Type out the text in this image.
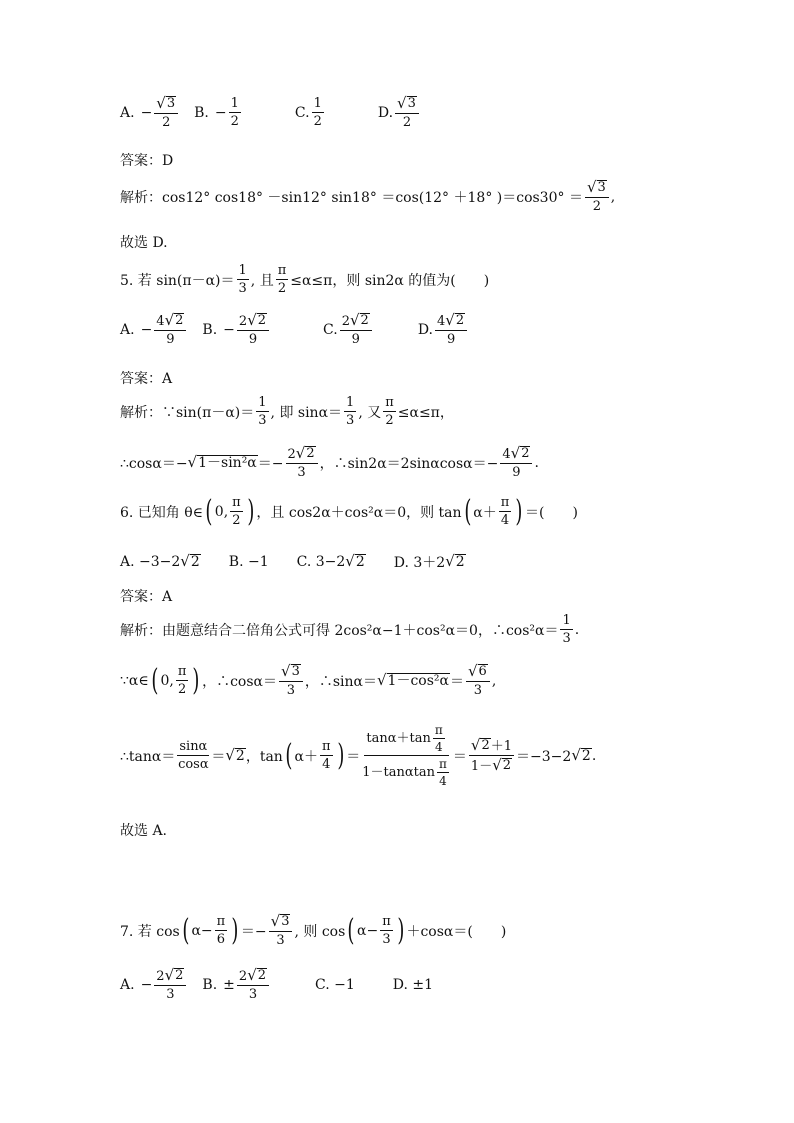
A. − $\frac{√ 3}{2} B$. − $\frac{1}{2}$	C. $\frac{1}{2}$	D. $\frac{√ 3}{2}$
答案：D
解析：cos12° cos18° －sin12° sin18° ＝cos(12° ＋18° )$=\cos 30^\circ = \frac{√ 3}{2}$ ,
故选 D.
5. 若 $\sin(\pi-\alpha)= \frac{1}{3}$ , 且 $\frac{\pi}{2} \le\alpha\le\pi$，则 sin2α 的值为(　　)
A. − $\frac{4 √ 2}{9} B$. − $\frac{2 √ 2}{9}$	C. $\frac{2 √ 2}{9}$	D. $\frac{4 √ 2}{9}$
答案：A
解析：∵sin(π－α)＝ $\frac{1}{3}$ , 即 $\sin\alpha= \frac{1}{3}$ , 又 $\frac{\pi}{2} \le\alpha\le\pi$，
∴cosα＝− √ $1-\sin^2\alpha =- \frac{2 √ 2}{3}$ ，∴sin2α＝2sinαcosα＝− $\frac{4 √ 2}{9}$ .
6. 已知角 θ∈ ( 0, $\frac{\pi}{2}$ ) ，且 cos2α＋cos²α＝0，则 tan ( $\alpha+ \frac{\pi}{4}$ ) ＝(　　)
A. −3−2 √ 2 B. −1 C. 3−2 √ 2 D. 3＋2 √ 2
答案：A
解析：由题意结合二倍角公式可得 2cos²α−1＋cos²α＝0，∴cos²α＝ $\frac{1}{3}$ .
∵α∈ ( 0, $\frac{\pi}{2}$ ) ，∴cosα＝ $\frac{√ 3}{3}$ ，∴sinα＝ √ $1-\cos^2\alpha = \frac{√ 6}{3}$ ,
∴tanα＝ $\frac{\sin\alpha}{\cos\alpha}$ ＝ √ 2 ，tan ( $\alpha+ \frac{\pi}{4}$ ) ＝ $\frac{\tan\alpha+\tan \frac{\pi}{4}}{1-\tan\alpha\tan \frac{\pi}{4}} = \frac{√ 2 +1}{1- √ 2} =-3-2$ √ 2 .
故选 A.
7. 若 cos ( $\alpha- \frac{\pi}{6}$ ) ＝− $\frac{√ 3}{3}$ , 则 cos ( $\alpha- \frac{\pi}{3}$ ) ＋cosα＝(　　)
A. − $\frac{2 √ 2}{3} B$. ± $\frac{2 √ 2}{3}$	C. −1	D. ±1
